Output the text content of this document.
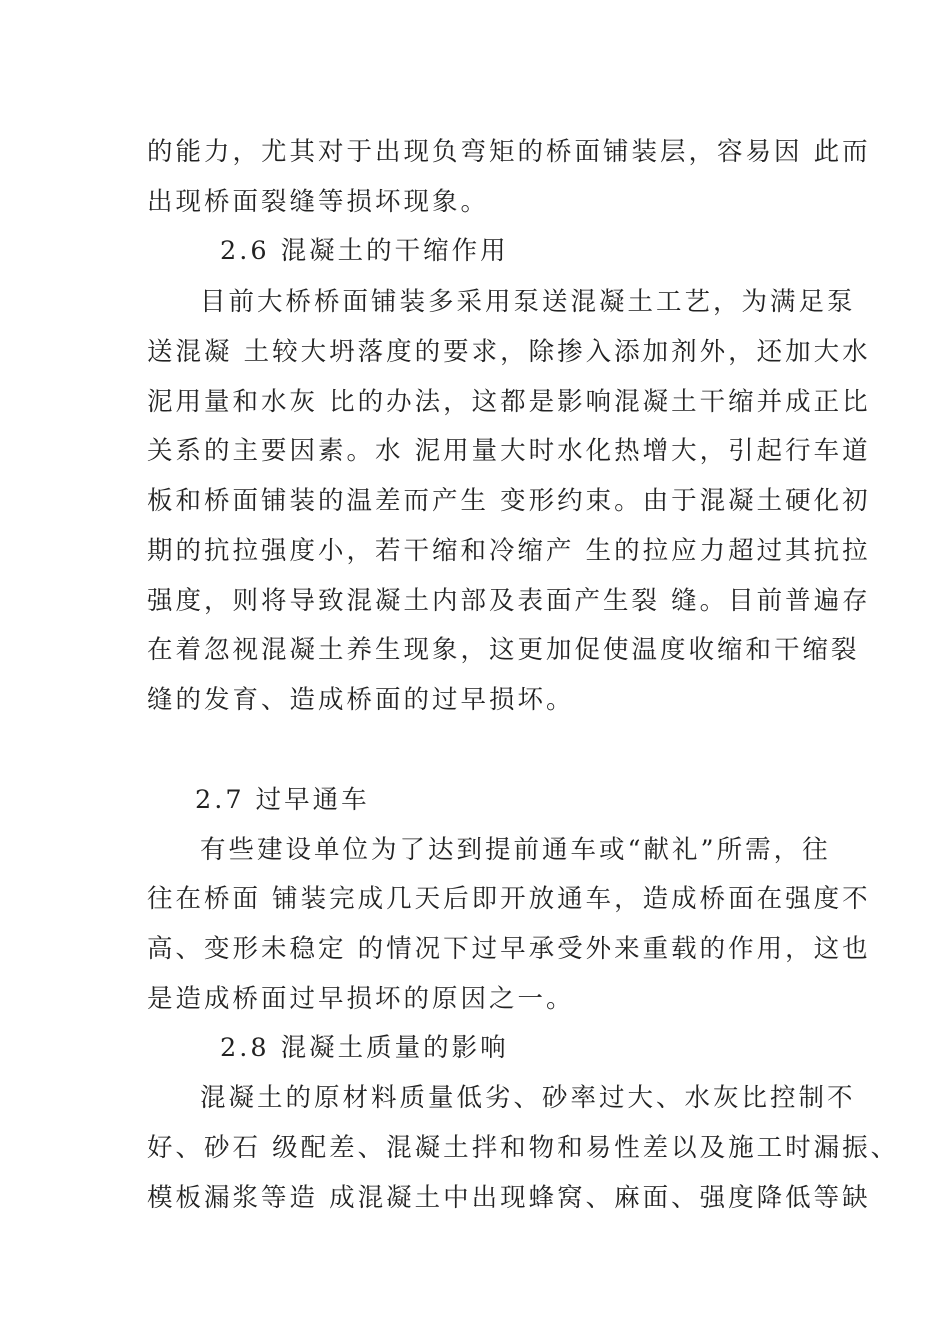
的能力，尤其对于出现负弯矩的桥面铺装层，容易因 此而
出现桥面裂缝等损坏现象。
2.6 混凝土的干缩作用
目前大桥桥面铺装多采用泵送混凝土工艺，为满足泵
送混凝 土较大坍落度的要求，除掺入添加剂外，还加大水
泥用量和水灰 比的办法，这都是影响混凝土干缩并成正比
关系的主要因素。水 泥用量大时水化热增大，引起行车道
板和桥面铺装的温差而产生 变形约束。由于混凝土硬化初
期的抗拉强度小，若干缩和冷缩产 生的拉应力超过其抗拉
强度，则将导致混凝土内部及表面产生裂 缝。目前普遍存
在着忽视混凝土养生现象，这更加促使温度收缩和干缩裂
缝的发育、造成桥面的过早损坏。
2.7 过早通车
有些建设单位为了达到提前通车或“献礼”所需，往
往在桥面 铺装完成几天后即开放通车，造成桥面在强度不
高、变形未稳定 的情况下过早承受外来重载的作用，这也
是造成桥面过早损坏的原因之一。
2.8 混凝土质量的影响
混凝土的原材料质量低劣、砂率过大、水灰比控制不
好、砂石 级配差、混凝土拌和物和易性差以及施工时漏振、
模板漏浆等造 成混凝土中出现蜂窝、麻面、强度降低等缺
